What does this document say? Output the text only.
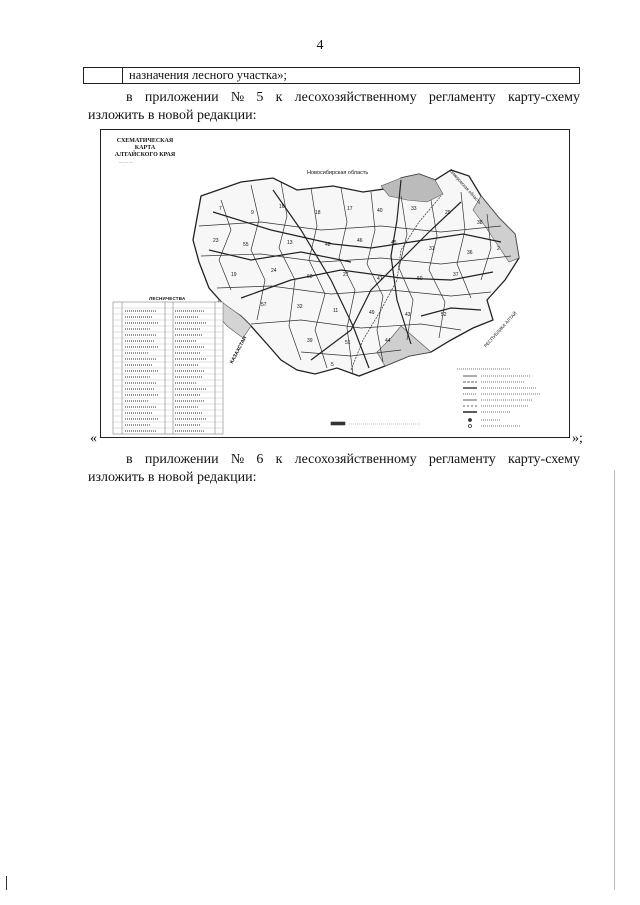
4
назначения лесного участка»;
в приложении № 5 к лесохозяйственному регламенту карту-схему
изложить в новой редакции:
7
9
16
18
17	40	33
29
38
23
55	13	48
46	45
31
36
2
19
24
60	27
41	50
37
57	32
11	49	43	52
39	51	44
5
СХЕМАТИЧЕСКАЯ КАРТА АЛТАЙСКОГО КРАЯ
— — —
Новосибирская область	Кемеровская область
КАЗАХСТАН
РЕСПУБЛИКА АЛТАЙ
ЛЕСНИЧЕСТВА
«	»;
в приложении № 6 к лесохозяйственному регламенту карту-схему
изложить в новой редакции:
